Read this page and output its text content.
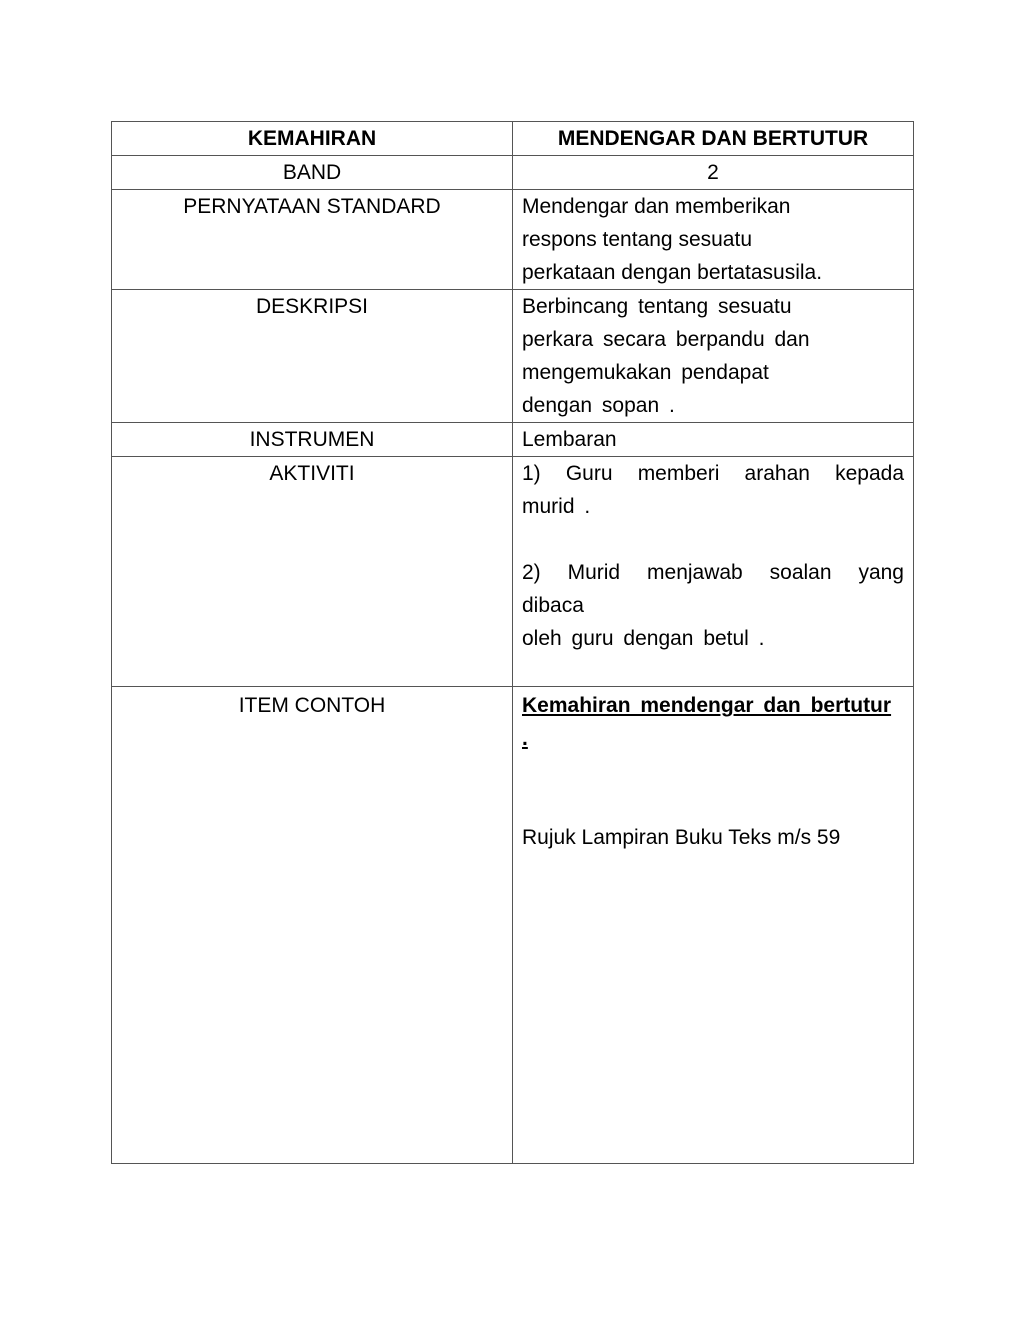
KEMAHIRAN	MENDENGAR DAN BERTUTUR
BAND	2
PERNYATAAN STANDARD	Mendengar dan memberikan
respons tentang sesuatu
perkataan dengan bertatasusila.

DESKRIPSI	Berbincang tentang sesuatu
perkara secara berpandu dan
mengemukakan pendapat
dengan sopan .

INSTRUMEN	Lembaran
AKTIVITI	1) Guru memberi arahan kepada murid .
2) Murid menjawab soalan yang dibaca
oleh guru dengan betul .

ITEM CONTOH	Kemahiran mendengar dan bertutur .
Rujuk Lampiran Buku Teks m/s 59
